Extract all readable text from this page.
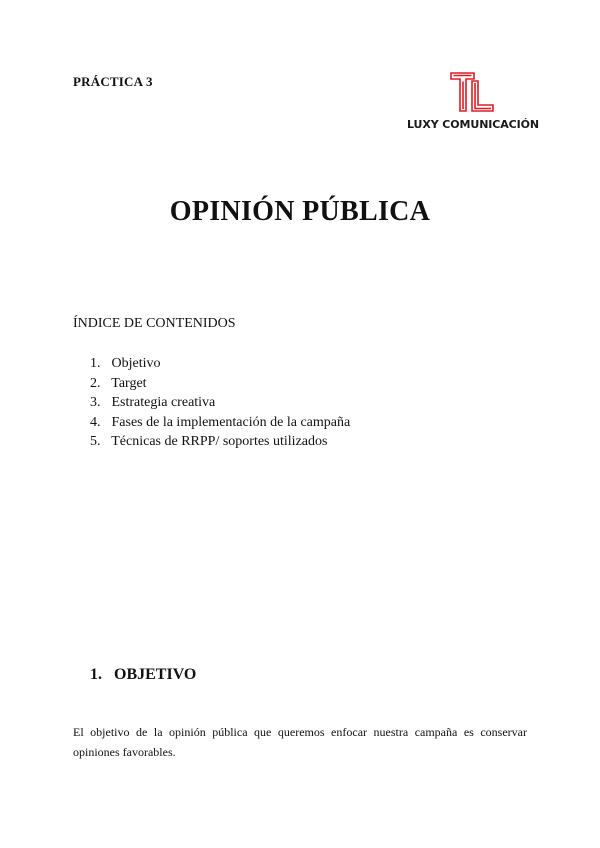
PRÁCTICA 3
LUXY COMUNICACIÓN
OPINIÓN PÚBLICA
ÍNDICE DE CONTENIDOS
1. Objetivo
2. Target
3. Estrategia creativa
4. Fases de la implementación de la campaña
5. Técnicas de RRPP/ soportes utilizados
1. OBJETIVO

El objetivo de la opinión pública que queremos enfocar nuestra campaña es conservar opiniones favorables.
